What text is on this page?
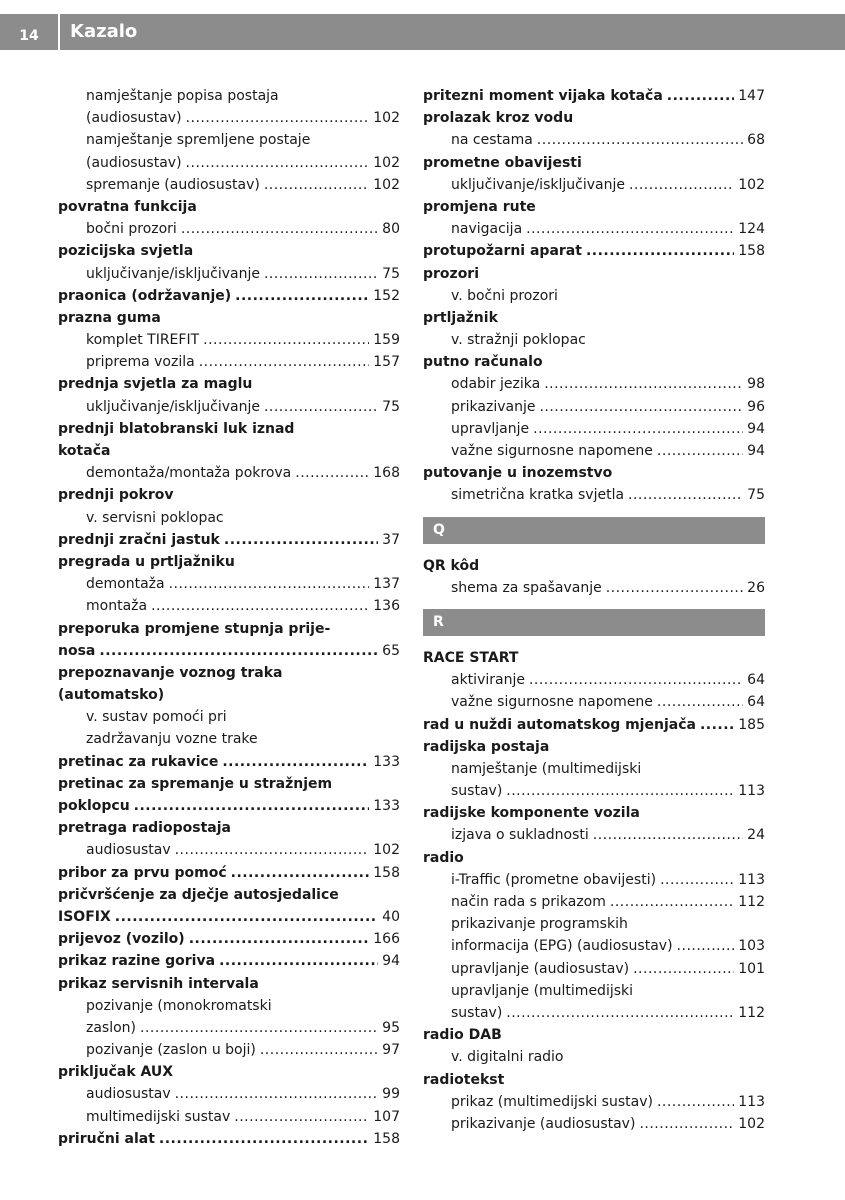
14	Kazalo
namještanje popisa postaja
(audiosustav) .....	102
namještanje spremljene postaje
(audiosustav) .....	102
spremanje (audiosustav) .....	102
povratna funkcija
bočni prozori .....	80
pozicijska svjetla
uključivanje/isključivanje .....	75
praonica (održavanje) .....	152
prazna guma
komplet TIREFIT .....	159
priprema vozila .....	157
prednja svjetla za maglu
uključivanje/isključivanje .....	75
prednji blatobranski luk iznad
kotača
demontaža/montaža pokrova .....	168
prednji pokrov
v. servisni poklopac
prednji zračni jastuk .....	37
pregrada u prtljažniku
demontaža .....	137
montaža .....	136
preporuka promjene stupnja prije-
nosa .....	65
prepoznavanje voznog traka
(automatsko)
v. sustav pomoći pri
zadržavanju vozne trake
pretinac za rukavice .....	133
pretinac za spremanje u stražnjem
poklopcu .....	133
pretraga radiopostaja
audiosustav .....	102
pribor za prvu pomoć .....	158
pričvršćenje za dječje autosjedalice
ISOFIX .....	40
prijevoz (vozilo) .....	166
prikaz razine goriva .....	94
prikaz servisnih intervala
pozivanje (monokromatski
zaslon) .....	95
pozivanje (zaslon u boji) .....	97
priključak AUX
audiosustav .....	99
multimedijski sustav .....	107
priručni alat .....	158
pritezni moment vijaka kotača .....	147
prolazak kroz vodu
na cestama .....	68
prometne obavijesti
uključivanje/isključivanje .....	102
promjena rute
navigacija .....	124
protupožarni aparat .....	158
prozori
v. bočni prozori
prtljažnik
v. stražnji poklopac
putno računalo
odabir jezika .....	98
prikazivanje .....	96
upravljanje .....	94
važne sigurnosne napomene .....	94
putovanje u inozemstvo
simetrična kratka svjetla .....	75
Q
QR kôd
shema za spašavanje .....	26
R
RACE START
aktiviranje .....	64
važne sigurnosne napomene .....	64
rad u nuždi automatskog mjenjača .....	185
radijska postaja
namještanje (multimedijski
sustav) .....	113
radijske komponente vozila
izjava o sukladnosti .....	24
radio
i-Traffic (prometne obavijesti) .....	113
način rada s prikazom .....	112
prikazivanje programskih
informacija (EPG) (audiosustav) .....	103
upravljanje (audiosustav) .....	101
upravljanje (multimedijski
sustav) .....	112
radio DAB
v. digitalni radio
radiotekst
prikaz (multimedijski sustav) .....	113
prikazivanje (audiosustav) .....	102
